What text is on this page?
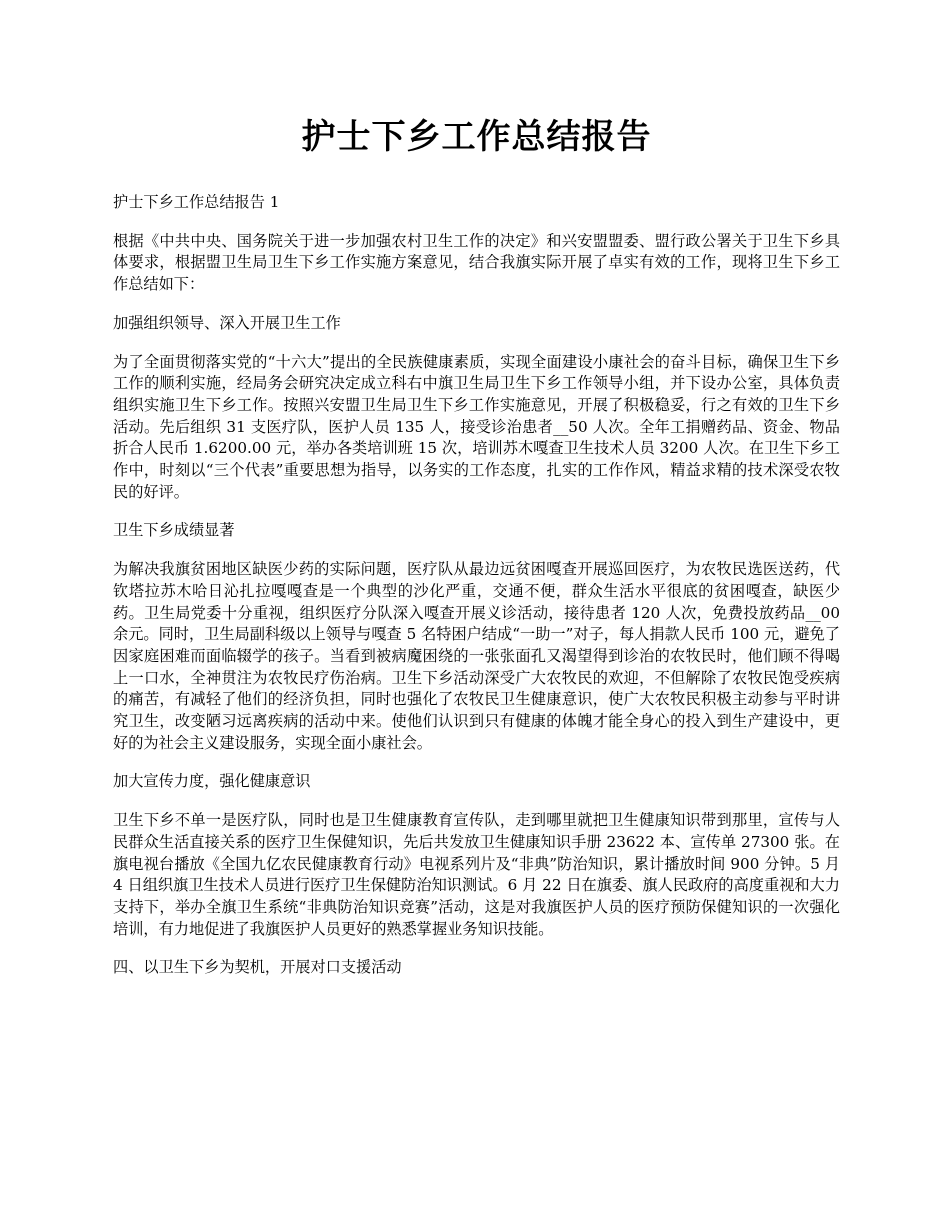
护士下乡工作总结报告

护士下乡工作总结报告 1

根据《中共中央、国务院关于进一步加强农村卫生工作的决定》和兴安盟盟委、盟行政公署关于卫生下乡具体要求，根据盟卫生局卫生下乡工作实施方案意见，结合我旗实际开展了卓实有效的工作，现将卫生下乡工作总结如下：

加强组织领导、深入开展卫生工作

为了全面贯彻落实党的“十六大”提出的全民族健康素质，实现全面建设小康社会的奋斗目标，确保卫生下乡工作的顺利实施，经局务会研究决定成立科右中旗卫生局卫生下乡工作领导小组，并下设办公室，具体负责组织实施卫生下乡工作。按照兴安盟卫生局卫生下乡工作实施意见，开展了积极稳妥，行之有效的卫生下乡活动。先后组织 31 支医疗队，医护人员 135 人，接受诊治患者__50 人次。全年工捐赠药品、资金、物品折合人民币 1.6200.00 元，举办各类培训班 15 次，培训苏木嘎查卫生技术人员 3200 人次。在卫生下乡工作中，时刻以“三个代表”重要思想为指导，以务实的工作态度，扎实的工作作风，精益求精的技术深受农牧民的好评。

卫生下乡成绩显著

为解决我旗贫困地区缺医少药的实际问题，医疗队从最边远贫困嘎查开展巡回医疗，为农牧民选医送药，代钦塔拉苏木哈日沁扎拉嘎嘎查是一个典型的沙化严重，交通不便，群众生活水平很底的贫困嘎查，缺医少药。卫生局党委十分重视，组织医疗分队深入嘎查开展义诊活动，接待患者 120 人次，免费投放药品__00 余元。同时，卫生局副科级以上领导与嘎查 5 名特困户结成“一助一”对子，每人捐款人民币 100 元，避免了因家庭困难而面临辍学的孩子。当看到被病魔困绕的一张张面孔又渴望得到诊治的农牧民时，他们顾不得喝上一口水，全神贯注为农牧民疗伤治病。卫生下乡活动深受广大农牧民的欢迎，不但解除了农牧民饱受疾病的痛苦，有减轻了他们的经济负担，同时也强化了农牧民卫生健康意识，使广大农牧民积极主动参与平时讲究卫生，改变陋习远离疾病的活动中来。使他们认识到只有健康的体魄才能全身心的投入到生产建设中，更好的为社会主义建设服务，实现全面小康社会。

加大宣传力度，强化健康意识

卫生下乡不单一是医疗队，同时也是卫生健康教育宣传队，走到哪里就把卫生健康知识带到那里，宣传与人民群众生活直接关系的医疗卫生保健知识，先后共发放卫生健康知识手册 23622 本、宣传单 27300 张。在旗电视台播放《全国九亿农民健康教育行动》电视系列片及“非典”防治知识，累计播放时间 900 分钟。5 月 4 日组织旗卫生技术人员进行医疗卫生保健防治知识测试。6 月 22 日在旗委、旗人民政府的高度重视和大力支持下，举办全旗卫生系统“非典防治知识竞赛”活动，这是对我旗医护人员的医疗预防保健知识的一次强化培训，有力地促进了我旗医护人员更好的熟悉掌握业务知识技能。

四、以卫生下乡为契机，开展对口支援活动
